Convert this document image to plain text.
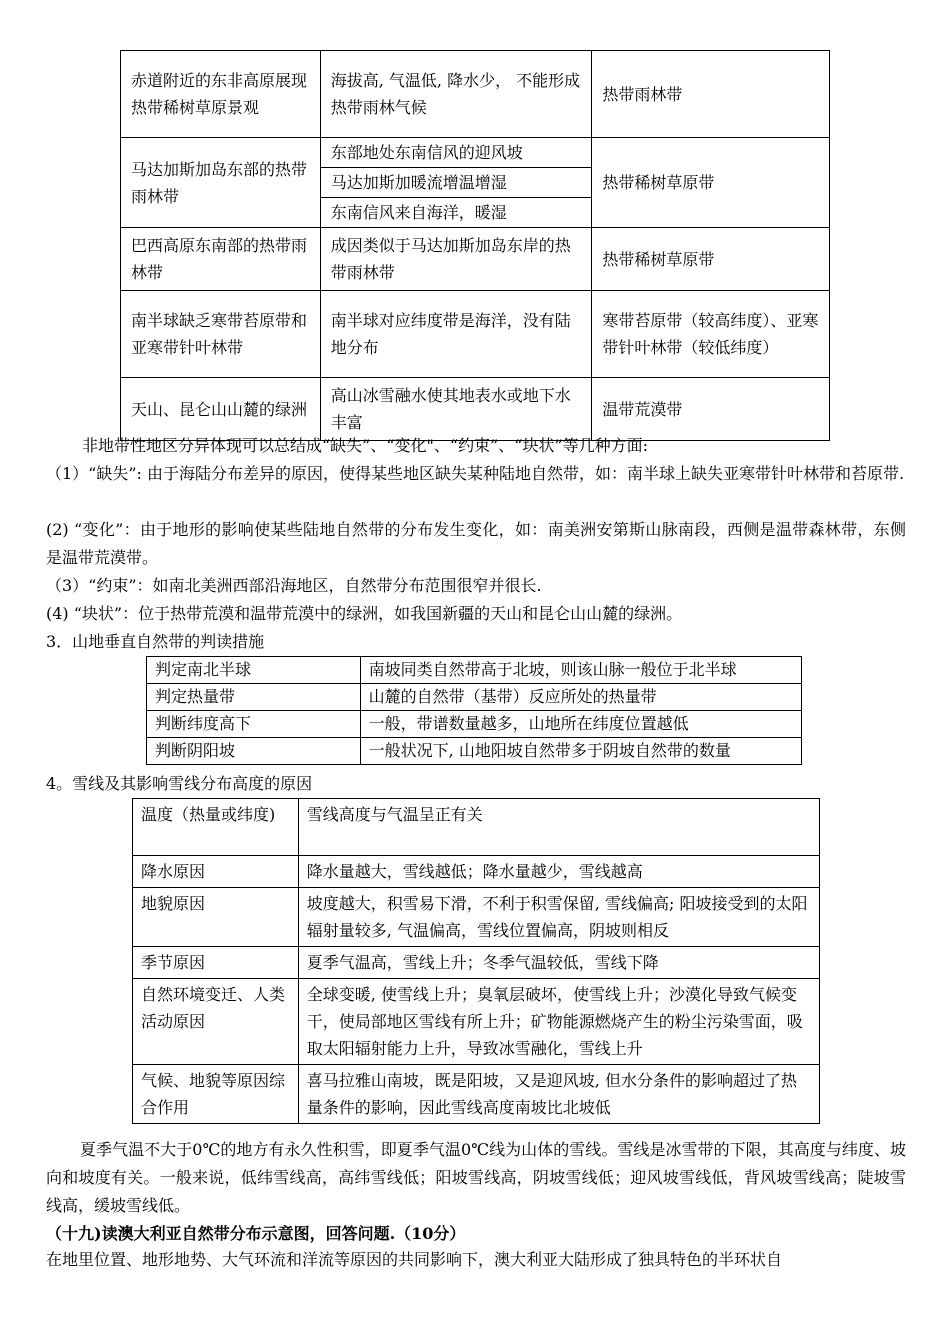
赤道附近的东非高原展现热带稀树草原景观	海拔高, 气温低, 降水少， 不能形成热带雨林气候	热带雨林带
马达加斯加岛东部的热带雨林带	东部地处东南信风的迎风坡	热带稀树草原带
	马达加斯加暖流增温增湿	
	东南信风来自海洋，暖湿	
巴西高原东南部的热带雨林带	成因类似于马达加斯加岛东岸的热带雨林带	热带稀树草原带
南半球缺乏寒带苔原带和亚寒带针叶林带	南半球对应纬度带是海洋，没有陆地分布	寒带苔原带（较高纬度）、亚寒带针叶林带（较低纬度）
天山、昆仑山山麓的绿洲	高山冰雪融水使其地表水或地下水丰富	温带荒漠带
非地带性地区分异体现可以总结成“缺失”、“变化"、“约束”、“块状”等几种方面:
（1）“缺失”: 由于海陆分布差异的原因，使得某些地区缺失某种陆地自然带，如：南半球上缺失亚寒带针叶林带和苔原带.
(2) “变化”：由于地形的影响使某些陆地自然带的分布发生变化，如：南美洲安第斯山脉南段，西侧是温带森林带，东侧是温带荒漠带。
（3）“约束”：如南北美洲西部沿海地区，自然带分布范围很窄并很长.
(4) “块状”：位于热带荒漠和温带荒漠中的绿洲，如我国新疆的天山和昆仑山山麓的绿洲。
3．山地垂直自然带的判读措施
判定南北半球	南坡同类自然带高于北坡，则该山脉一般位于北半球
判定热量带	山麓的自然带（基带）反应所处的热量带
判断纬度高下	一般，带谱数量越多，山地所在纬度位置越低
判断阴阳坡	一般状况下, 山地阳坡自然带多于阴坡自然带的数量
4。雪线及其影响雪线分布高度的原因
温度（热量或纬度)	雪线高度与气温呈正有关
降水原因	降水量越大，雪线越低；降水量越少，雪线越高
地貌原因	坡度越大，积雪易下滑，不利于积雪保留, 雪线偏高; 阳坡接受到的太阳辐射量较多, 气温偏高，雪线位置偏高，阴坡则相反
季节原因	夏季气温高，雪线上升；冬季气温较低，雪线下降
自然环境变迁、人类活动原因	全球变暖, 使雪线上升；臭氧层破坏，使雪线上升；沙漠化导致气候变干，使局部地区雪线有所上升；矿物能源燃烧产生的粉尘污染雪面，吸取太阳辐射能力上升，导致冰雪融化，雪线上升
气候、地貌等原因综合作用	喜马拉雅山南坡，既是阳坡，又是迎风坡, 但水分条件的影响超过了热量条件的影响，因此雪线高度南坡比北坡低
夏季气温不大于0℃的地方有永久性积雪，即夏季气温0℃线为山体的雪线。雪线是冰雪带的下限，其高度与纬度、坡向和坡度有关。一般来说，低纬雪线高，高纬雪线低；阳坡雪线高，阴坡雪线低；迎风坡雪线低，背风坡雪线高；陡坡雪线高，缓坡雪线低。
（十九)读澳大利亚自然带分布示意图，回答问题.（10分）
在地里位置、地形地势、大气环流和洋流等原因的共同影响下，澳大利亚大陆形成了独具特色的半环状自
